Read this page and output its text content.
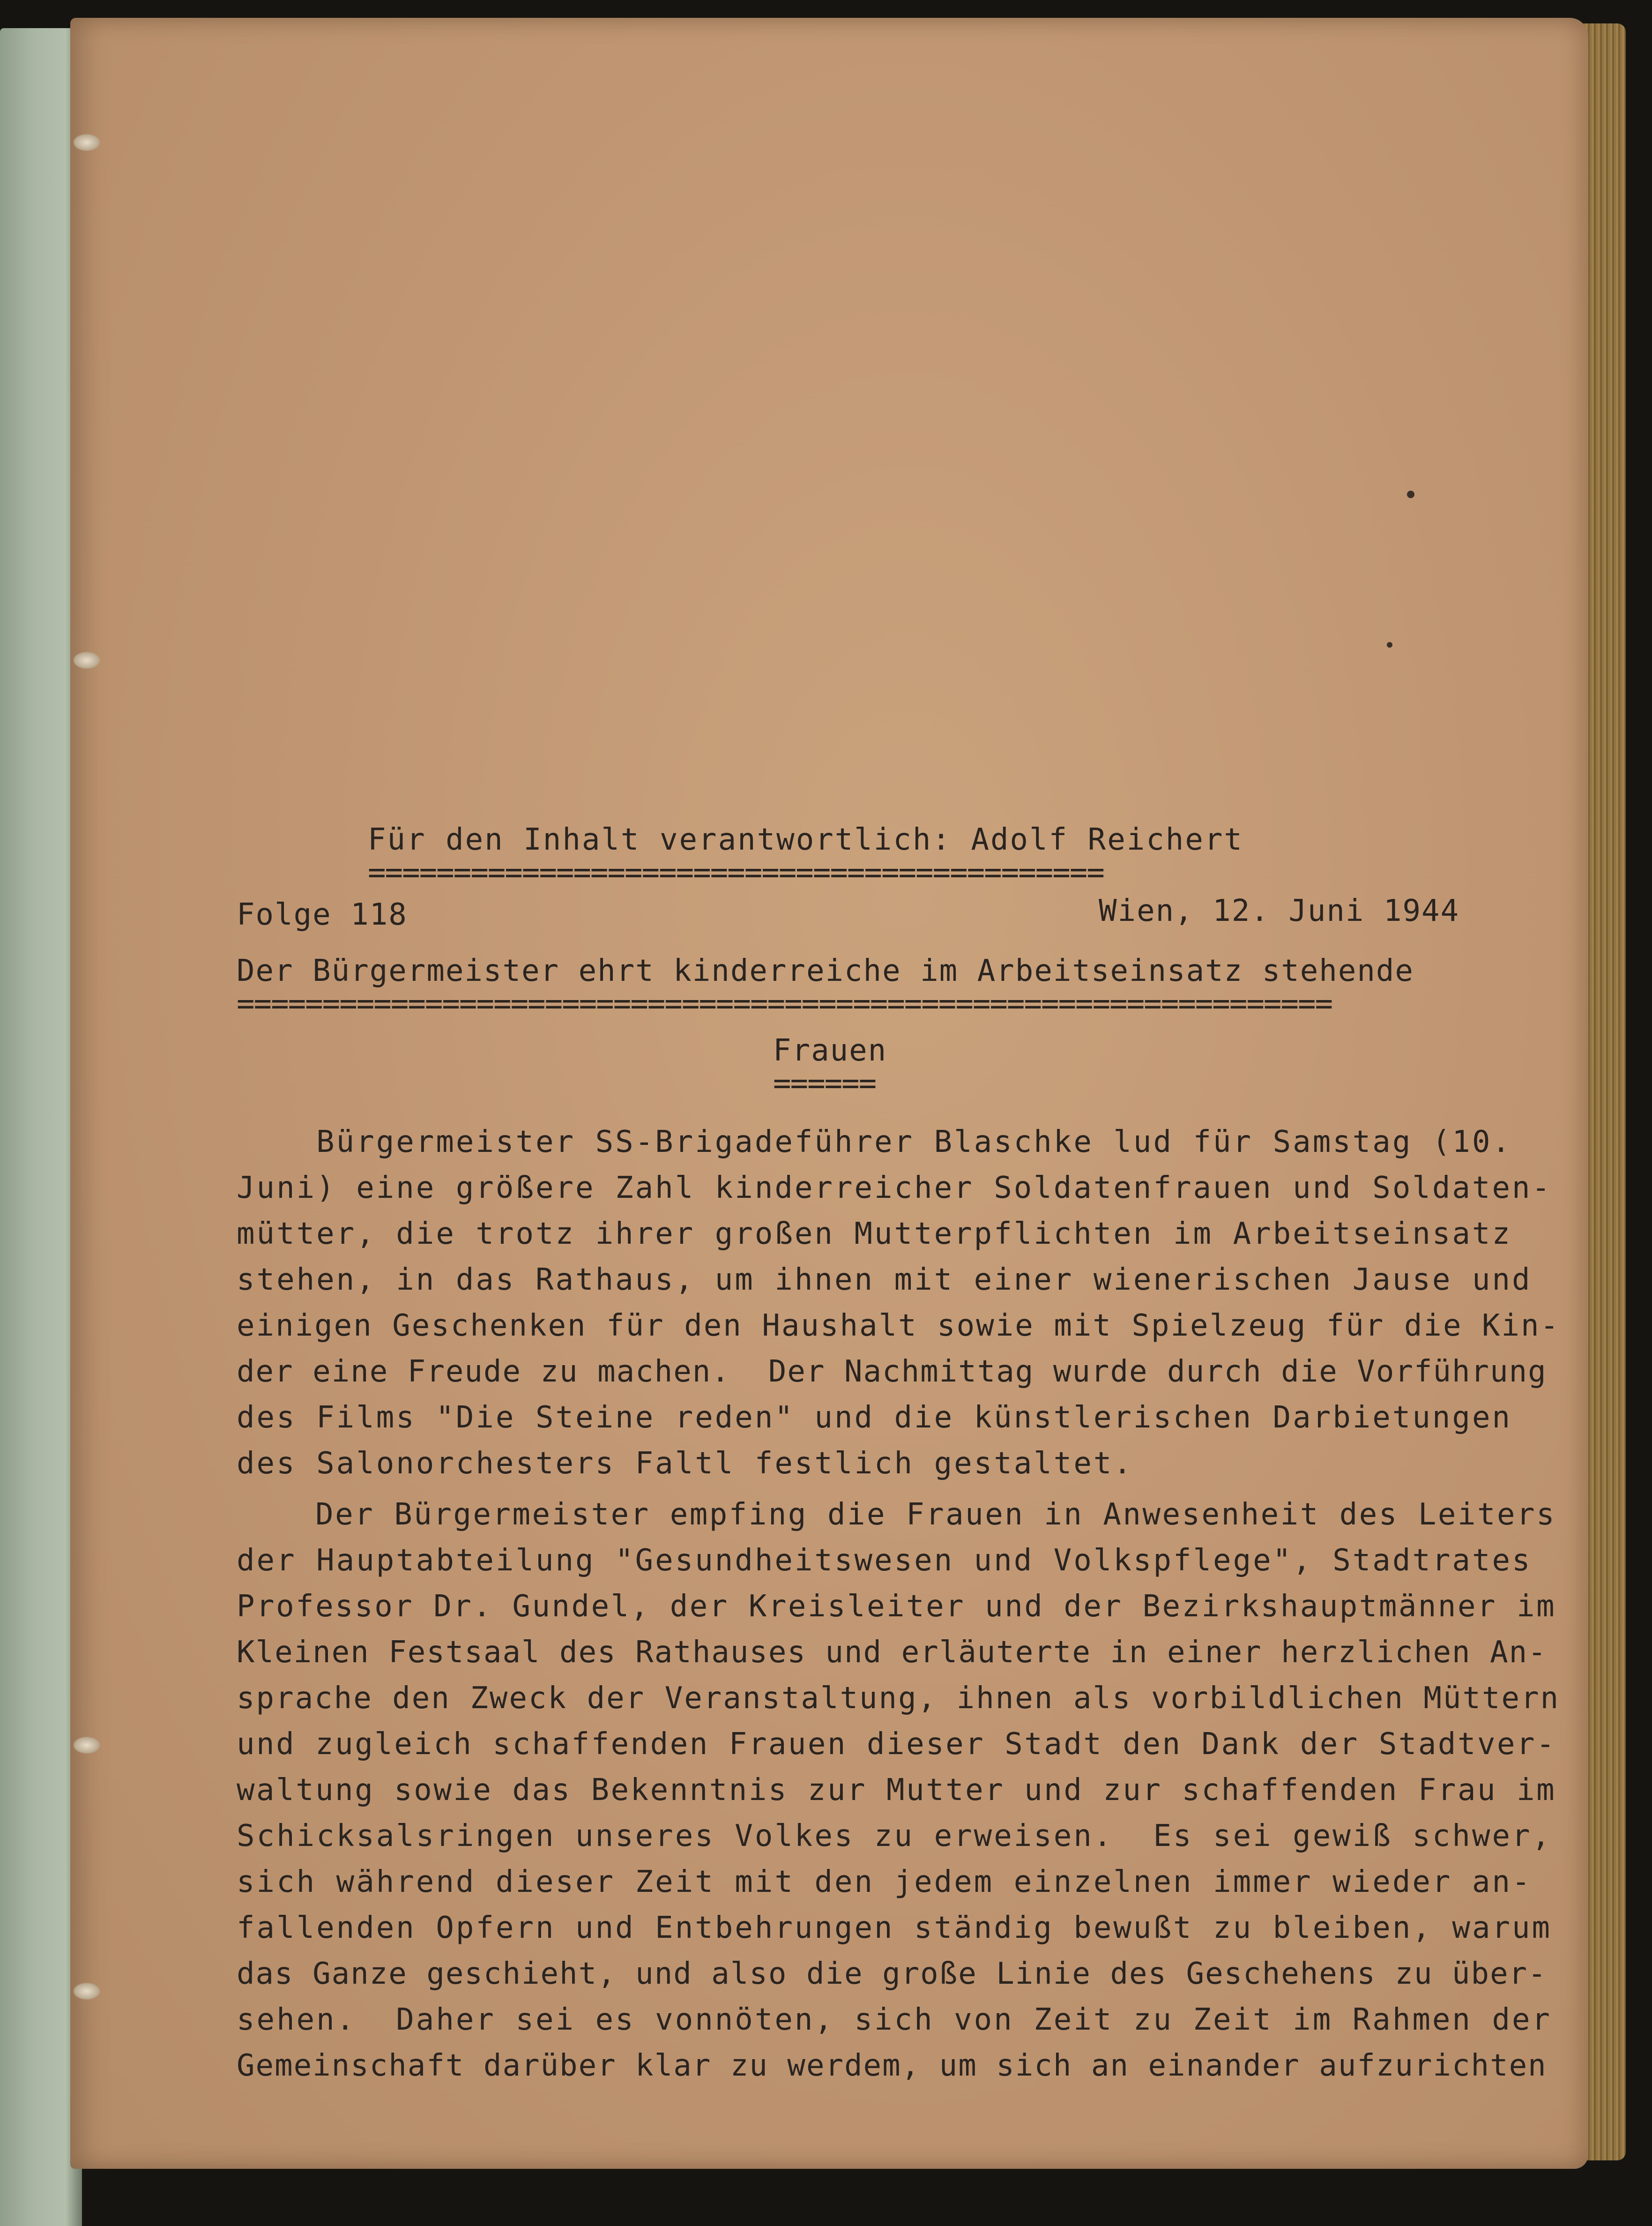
Für den Inhalt verantwortlich: Adolf Reichert
===========================================
Folge 118	Wien, 12. Juni 1944
Der Bürgermeister ehrt kinderreiche im Arbeitseinsatz stehende
================================================================
Frauen
======
Bürgermeister SS-Brigadeführer Blaschke lud für Samstag (10.
Juni) eine größere Zahl kinderreicher Soldatenfrauen und Soldaten-
mütter, die trotz ihrer großen Mutterpflichten im Arbeitseinsatz
stehen, in das Rathaus, um ihnen mit einer wienerischen Jause und
einigen Geschenken für den Haushalt sowie mit Spielzeug für die Kin-
der eine Freude zu machen.  Der Nachmittag wurde durch die Vorführung
des Films "Die Steine reden" und die künstlerischen Darbietungen
des Salonorchesters Faltl festlich gestaltet.
Der Bürgermeister empfing die Frauen in Anwesenheit des Leiters
der Hauptabteilung "Gesundheitswesen und Volkspflege", Stadtrates
Professor Dr. Gundel, der Kreisleiter und der Bezirkshauptmänner im
Kleinen Festsaal des Rathauses und erläuterte in einer herzlichen An-
sprache den Zweck der Veranstaltung, ihnen als vorbildlichen Müttern
und zugleich schaffenden Frauen dieser Stadt den Dank der Stadtver-
waltung sowie das Bekenntnis zur Mutter und zur schaffenden Frau im
Schicksalsringen unseres Volkes zu erweisen.  Es sei gewiß schwer,
sich während dieser Zeit mit den jedem einzelnen immer wieder an-
fallenden Opfern und Entbehrungen ständig bewußt zu bleiben, warum
das Ganze geschieht, und also die große Linie des Geschehens zu über-
sehen.  Daher sei es vonnöten, sich von Zeit zu Zeit im Rahmen der
Gemeinschaft darüber klar zu werdem, um sich an einander aufzurichten
